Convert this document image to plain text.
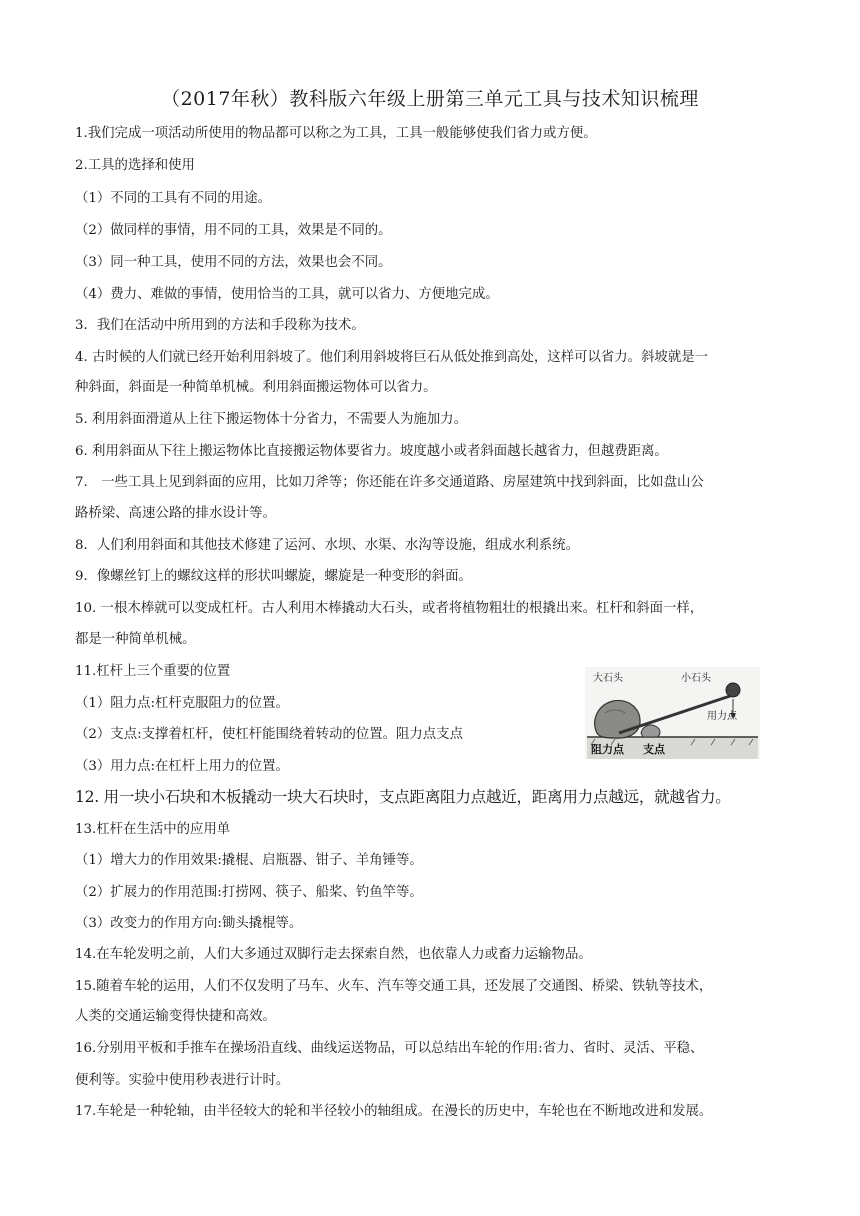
（2017年秋）教科版六年级上册第三单元工具与技术知识梳理
1.我们完成一项活动所使用的物品都可以称之为工具，工具一般能够使我们省力或方便。
2.工具的选择和使用
（1）不同的工具有不同的用途。
（2）做同样的事情，用不同的工具，效果是不同的。
（3）同一种工具，使用不同的方法，效果也会不同。
（4）费力、难做的事情，使用恰当的工具，就可以省力、方便地完成。
3．我们在活动中所用到的方法和手段称为技术。
4. 古时候的人们就已经开始利用斜坡了。他们利用斜坡将巨石从低处推到高处，这样可以省力。斜坡就是一
种斜面，斜面是一种简单机械。利用斜面搬运物体可以省力。
5. 利用斜面滑道从上往下搬运物体十分省力，不需要人为施加力。
6. 利用斜面从下往上搬运物体比直接搬运物体要省力。坡度越小或者斜面越长越省力，但越费距离。
7.　一些工具上见到斜面的应用，比如刀斧等；你还能在许多交通道路、房屋建筑中找到斜面，比如盘山公
路桥梁、高速公路的排水设计等。
8．人们利用斜面和其他技术修建了运河、水坝、水渠、水沟等设施，组成水利系统。
9．像螺丝钉上的螺纹这样的形状叫螺旋，螺旋是一种变形的斜面。
10. 一根木棒就可以变成杠杆。古人利用木棒撬动大石头，或者将植物粗壮的根撬出来。杠杆和斜面一样，
都是一种简单机械。
11.杠杆上三个重要的位置
（1）阻力点:杠杆克服阻力的位置。
（2）支点:支撑着杠杆，使杠杆能围绕着转动的位置。阻力点支点
（3）用力点:在杠杆上用力的位置。
12. 用一块小石块和木板撬动一块大石块时，支点距离阻力点越近，距离用力点越远，就越省力。
13.杠杆在生活中的应用单
（1）增大力的作用效果:撬棍、启瓶器、钳子、羊角锤等。
（2）扩展力的作用范围:打捞网、筷子、船桨、钓鱼竿等。
（3）改变力的作用方向:锄头撬棍等。
14.在车轮发明之前，人们大多通过双脚行走去探索自然，也依靠人力或畜力运输物品。
15.随着车轮的运用，人们不仅发明了马车、火车、汽车等交通工具，还发展了交通图、桥梁、铁轨等技术，
人类的交通运输变得快捷和高效。
16.分别用平板和手推车在操场沿直线、曲线运送物品，可以总结出车轮的作用:省力、省时、灵活、平稳、
便利等。实验中使用秒表进行计时。
17.车轮是一种轮轴，由半径较大的轮和半径较小的轴组成。在漫长的历史中，车轮也在不断地改进和发展。
大石头	小石头
用力点
阻力点 支点
